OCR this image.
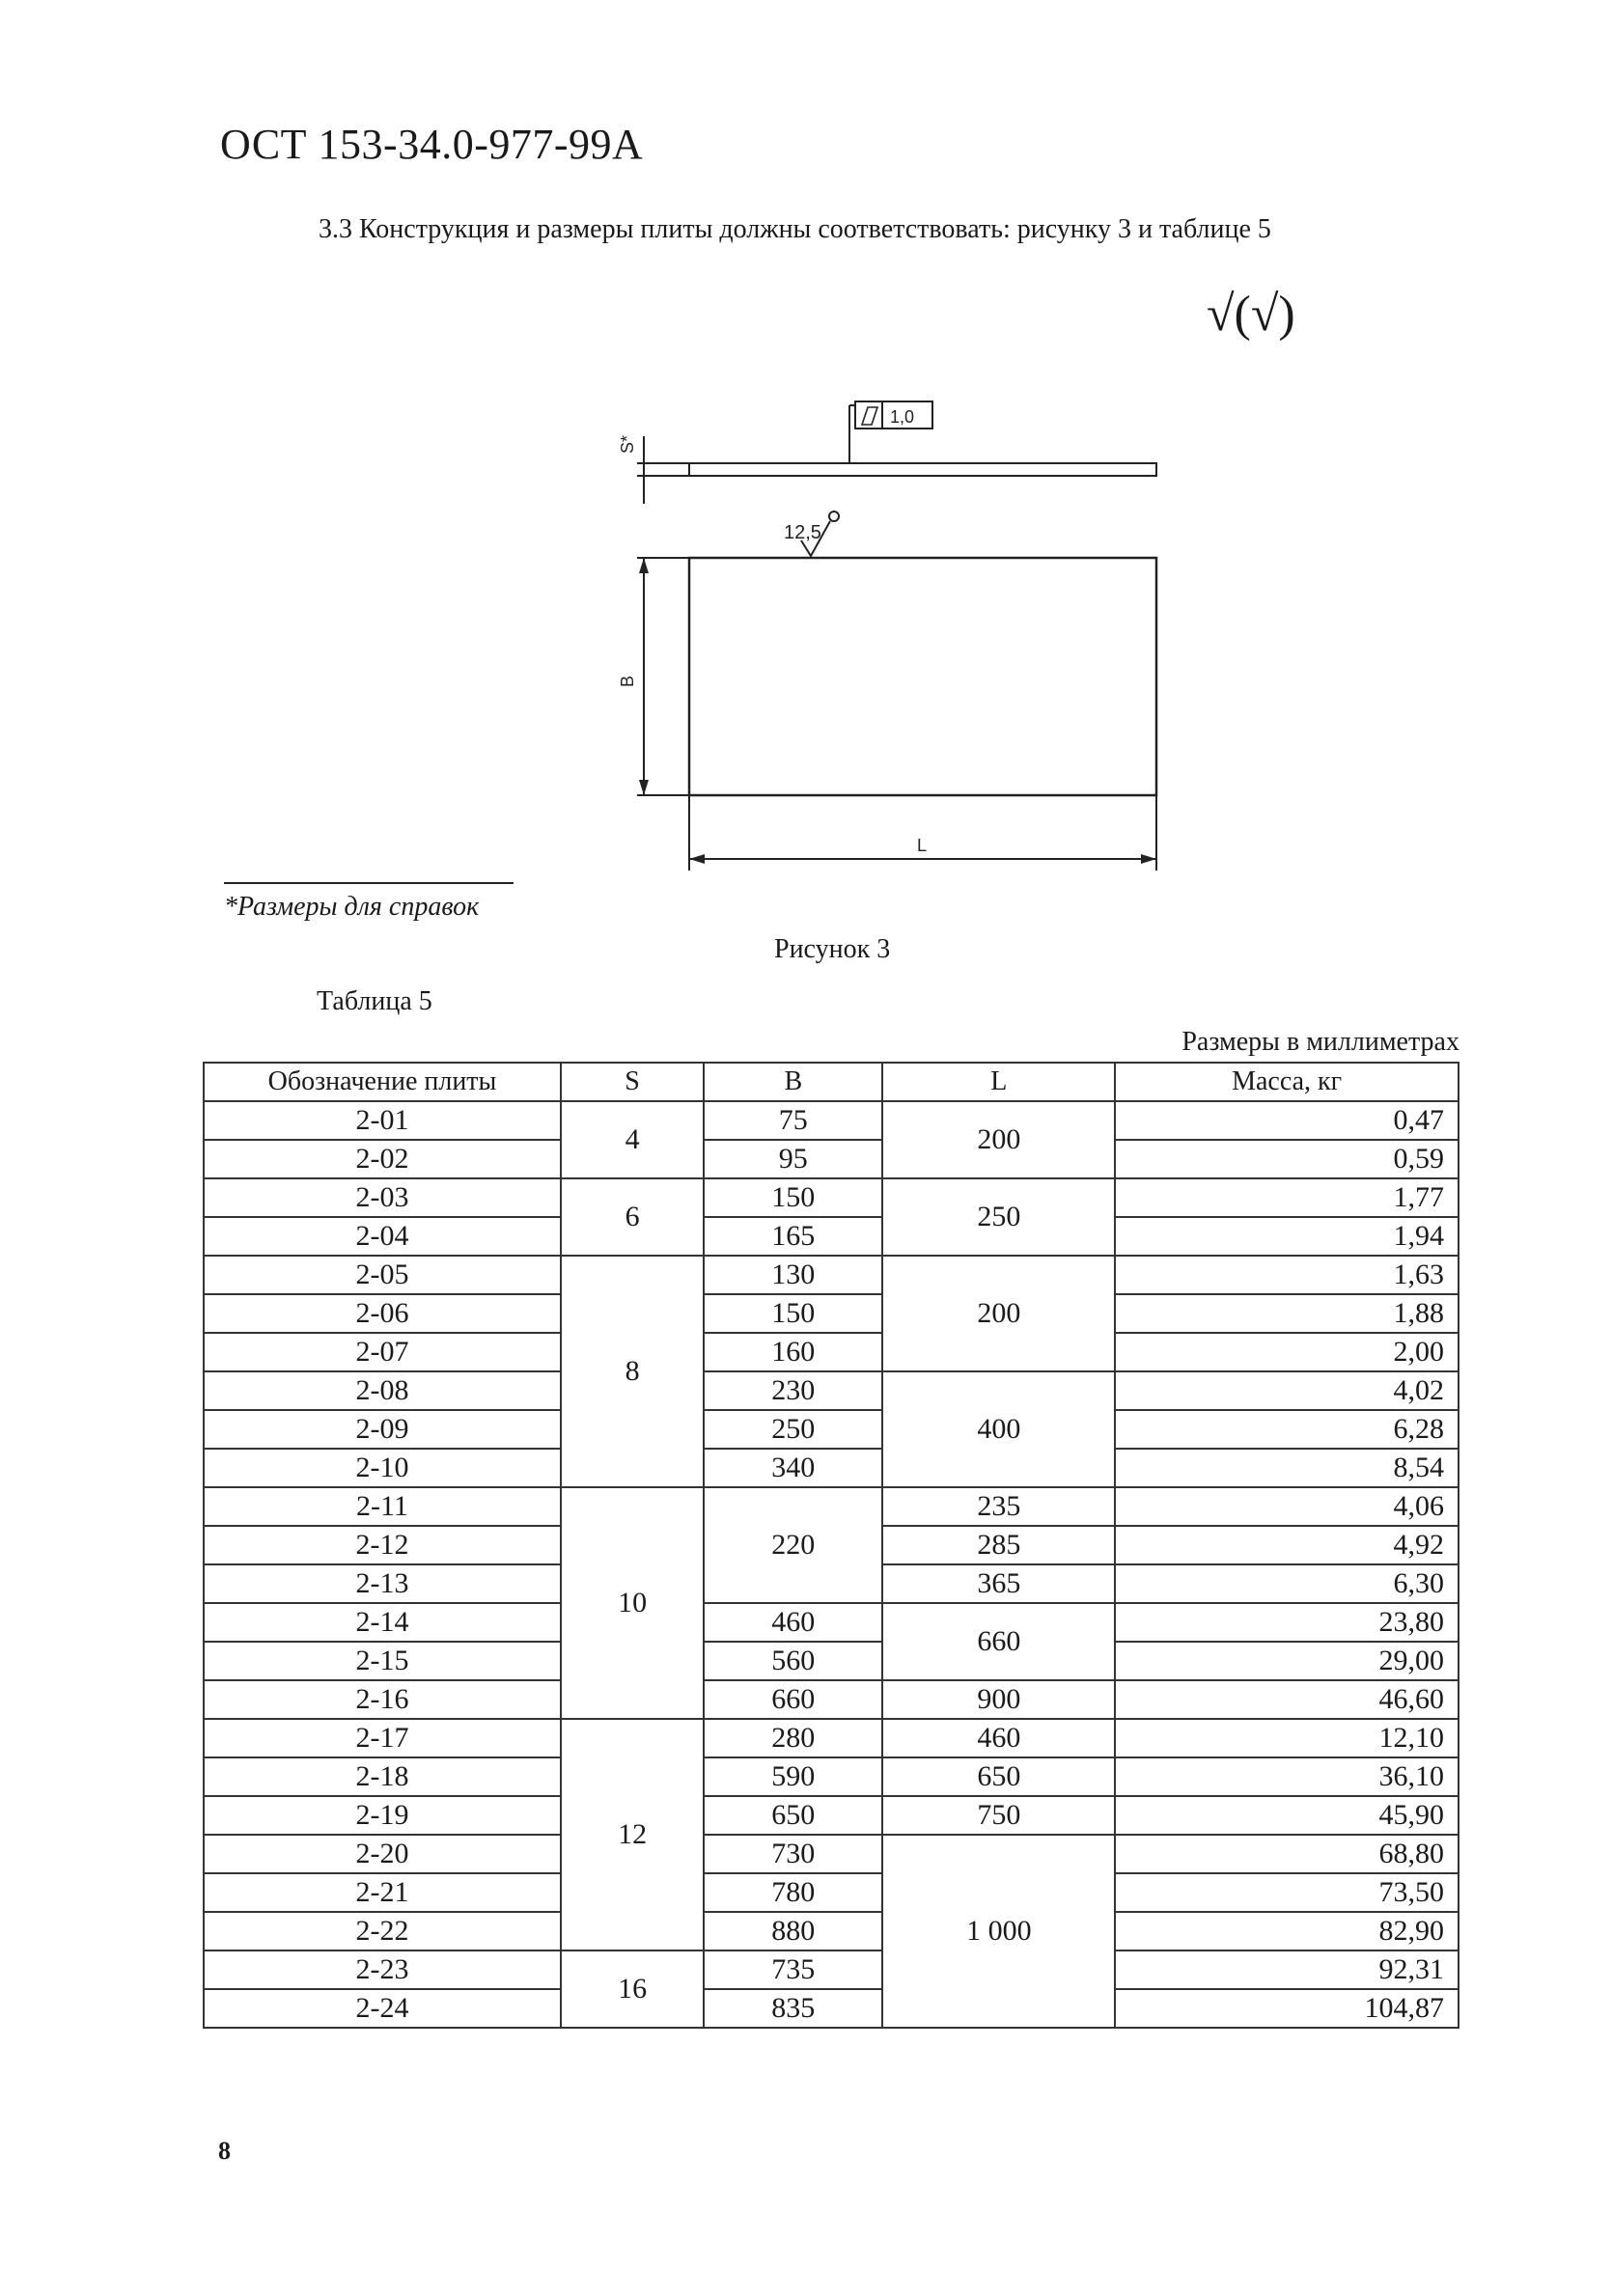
ОСТ 153-34.0-977-99А
3.3 Конструкция и размеры плиты должны соответствовать: рисунку 3 и таблице 5
√(√)
1,0
12,5
S*
B
L
*Размеры для справок
Рисунок 3
Таблица 5
Размеры в миллиметрах
Обозначение плиты	S	B	L	Масса, кг
2-01	4	75	200	0,47
2-02		95		0,59
2-03	6	150	250	1,77
2-04		165		1,94
2-05	8	130	200	1,63
2-06		150		1,88
2-07		160		2,00
2-08		230	400	4,02
2-09		250		6,28
2-10		340		8,54
2-11	10	220	235	4,06
2-12			285	4,92
2-13			365	6,30
2-14		460	660	23,80
2-15		560		29,00
2-16		660	900	46,60
2-17	12	280	460	12,10
2-18		590	650	36,10
2-19		650	750	45,90
2-20		730	1 000	68,80
2-21		780		73,50
2-22		880		82,90
2-23	16	735		92,31
2-24		835		104,87
8
